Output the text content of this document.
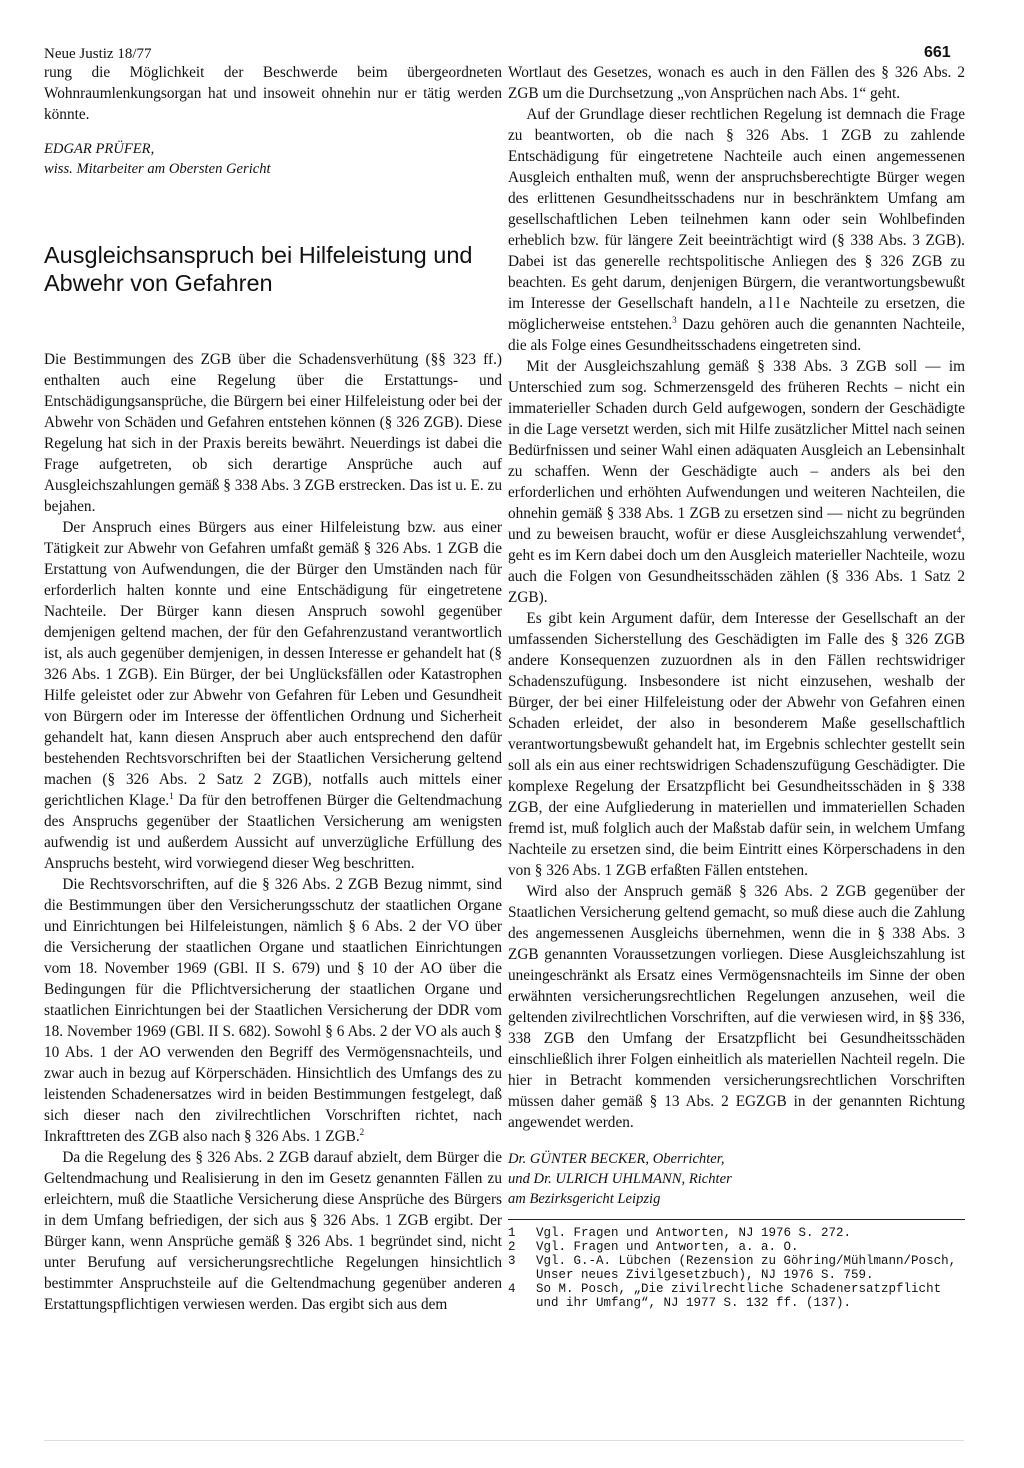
Neue Justiz 18/77	661

rung die Möglichkeit der Beschwerde beim übergeordneten Wohnraumlenkungsorgan hat und insoweit ohnehin nur er tätig werden könnte.

EDGAR PRÜFER,

wiss. Mitarbeiter am Obersten Gericht

Ausgleichsanspruch bei Hilfeleistung und Abwehr von Gefahren

Die Bestimmungen des ZGB über die Schadensverhütung (§§ 323 ff.) enthalten auch eine Regelung über die Erstattungs- und Entschädigungsansprüche, die Bürgern bei einer Hilfeleistung oder bei der Abwehr von Schäden und Gefahren entstehen können (§ 326 ZGB). Diese Regelung hat sich in der Praxis bereits bewährt. Neuerdings ist dabei die Frage aufgetreten, ob sich derartige Ansprüche auch auf Ausgleichszahlungen gemäß § 338 Abs. 3 ZGB erstrecken. Das ist u. E. zu bejahen.

Der Anspruch eines Bürgers aus einer Hilfeleistung bzw. aus einer Tätigkeit zur Abwehr von Gefahren umfaßt gemäß § 326 Abs. 1 ZGB die Erstattung von Aufwendungen, die der Bürger den Umständen nach für erforderlich halten konnte und eine Entschädigung für eingetretene Nachteile. Der Bürger kann diesen Anspruch sowohl gegenüber demjenigen geltend machen, der für den Gefahrenzustand verantwortlich ist, als auch gegenüber demjenigen, in dessen Interesse er gehandelt hat (§ 326 Abs. 1 ZGB). Ein Bürger, der bei Unglücksfällen oder Katastrophen Hilfe geleistet oder zur Abwehr von Gefahren für Leben und Gesundheit von Bürgern oder im Interesse der öffentlichen Ordnung und Sicherheit gehandelt hat, kann diesen Anspruch aber auch entsprechend den dafür bestehenden Rechtsvorschriften bei der Staatlichen Versicherung geltend machen (§ 326 Abs. 2 Satz 2 ZGB), notfalls auch mittels einer gerichtlichen Klage.$^1$ Da für den betroffenen Bürger die Geltendmachung des Anspruchs gegenüber der Staatlichen Versicherung am wenigsten aufwendig ist und außerdem Aussicht auf unverzügliche Erfüllung des Anspruchs besteht, wird vorwiegend dieser Weg beschritten.

Die Rechtsvorschriften, auf die § 326 Abs. 2 ZGB Bezug nimmt, sind die Bestimmungen über den Versicherungsschutz der staatlichen Organe und Einrichtungen bei Hilfeleistungen, nämlich § 6 Abs. 2 der VO über die Versicherung der staatlichen Organe und staatlichen Einrichtungen vom 18. November 1969 (GBl. II S. 679) und § 10 der AO über die Bedingungen für die Pflichtversicherung der staatlichen Organe und staatlichen Einrichtungen bei der Staatlichen Versicherung der DDR vom 18. November 1969 (GBl. II S. 682). Sowohl § 6 Abs. 2 der VO als auch § 10 Abs. 1 der AO verwenden den Begriff des Vermögensnachteils, und zwar auch in bezug auf Körperschäden. Hinsichtlich des Umfangs des zu leistenden Schadenersatzes wird in beiden Bestimmungen festgelegt, daß sich dieser nach den zivilrechtlichen Vorschriften richtet, nach Inkrafttreten des ZGB also nach § 326 Abs. 1 ZGB.$^2$

Da die Regelung des § 326 Abs. 2 ZGB darauf abzielt, dem Bürger die Geltendmachung und Realisierung in den im Gesetz genannten Fällen zu erleichtern, muß die Staatliche Versicherung diese Ansprüche des Bürgers in dem Umfang befriedigen, der sich aus § 326 Abs. 1 ZGB ergibt. Der Bürger kann, wenn Ansprüche gemäß § 326 Abs. 1 begründet sind, nicht unter Berufung auf versicherungsrechtliche Regelungen hinsichtlich bestimmter Anspruchsteile auf die Geltendmachung gegenüber anderen Erstattungspflichtigen verwiesen werden. Das ergibt sich aus dem

Wortlaut des Gesetzes, wonach es auch in den Fällen des § 326 Abs. 2 ZGB um die Durchsetzung „von Ansprüchen nach Abs. 1“ geht.

Auf der Grundlage dieser rechtlichen Regelung ist demnach die Frage zu beantworten, ob die nach § 326 Abs. 1 ZGB zu zahlende Entschädigung für eingetretene Nachteile auch einen angemessenen Ausgleich enthalten muß, wenn der anspruchsberechtigte Bürger wegen des erlittenen Gesundheitsschadens nur in beschränktem Umfang am gesellschaftlichen Leben teilnehmen kann oder sein Wohlbefinden erheblich bzw. für längere Zeit beeinträchtigt wird (§ 338 Abs. 3 ZGB). Dabei ist das generelle rechtspolitische Anliegen des § 326 ZGB zu beachten. Es geht darum, denjenigen Bürgern, die verantwortungsbewußt im Interesse der Gesellschaft handeln, alle Nachteile zu ersetzen, die möglicherweise entstehen.$^3$ Dazu gehören auch die genannten Nachteile, die als Folge eines Gesundheitsschadens eingetreten sind.

Mit der Ausgleichszahlung gemäß § 338 Abs. 3 ZGB soll — im Unterschied zum sog. Schmerzensgeld des früheren Rechts – nicht ein immaterieller Schaden durch Geld aufgewogen, sondern der Geschädigte in die Lage versetzt werden, sich mit Hilfe zusätzlicher Mittel nach seinen Bedürfnissen und seiner Wahl einen adäquaten Ausgleich an Lebensinhalt zu schaffen. Wenn der Geschädigte auch – anders als bei den erforderlichen und erhöhten Aufwendungen und weiteren Nachteilen, die ohnehin gemäß § 338 Abs. 1 ZGB zu ersetzen sind — nicht zu begründen und zu beweisen braucht, wofür er diese Ausgleichszahlung verwendet$^4$, geht es im Kern dabei doch um den Ausgleich materieller Nachteile, wozu auch die Folgen von Gesundheitsschäden zählen (§ 336 Abs. 1 Satz 2 ZGB).

Es gibt kein Argument dafür, dem Interesse der Gesellschaft an der umfassenden Sicherstellung des Geschädigten im Falle des § 326 ZGB andere Konsequenzen zuzuordnen als in den Fällen rechtswidriger Schadenszufügung. Insbesondere ist nicht einzusehen, weshalb der Bürger, der bei einer Hilfeleistung oder der Abwehr von Gefahren einen Schaden erleidet, der also in besonderem Maße gesellschaftlich verantwortungsbewußt gehandelt hat, im Ergebnis schlechter gestellt sein soll als ein aus einer rechtswidrigen Schadenszufügung Geschädigter. Die komplexe Regelung der Ersatzpflicht bei Gesundheitsschäden in § 338 ZGB, der eine Aufgliederung in materiellen und immateriellen Schaden fremd ist, muß folglich auch der Maßstab dafür sein, in welchem Umfang Nachteile zu ersetzen sind, die beim Eintritt eines Körperschadens in den von § 326 Abs. 1 ZGB erfaßten Fällen entstehen.

Wird also der Anspruch gemäß § 326 Abs. 2 ZGB gegenüber der Staatlichen Versicherung geltend gemacht, so muß diese auch die Zahlung des angemessenen Ausgleichs übernehmen, wenn die in § 338 Abs. 3 ZGB genannten Voraussetzungen vorliegen. Diese Ausgleichszahlung ist uneingeschränkt als Ersatz eines Vermögensnachteils im Sinne der oben erwähnten versicherungsrechtlichen Regelungen anzusehen, weil die geltenden zivilrechtlichen Vorschriften, auf die verwiesen wird, in §§ 336, 338 ZGB den Umfang der Ersatzpflicht bei Gesundheitsschäden einschließlich ihrer Folgen einheitlich als materiellen Nachteil regeln. Die hier in Betracht kommenden versicherungsrechtlichen Vorschriften müssen daher gemäß § 13 Abs. 2 EGZGB in der genannten Richtung angewendet werden.

Dr. GÜNTER BECKER, Oberrichter,

und Dr. ULRICH UHLMANN, Richter

am Bezirksgericht Leipzig

1	Vgl. Fragen und Antworten, NJ 1976 S. 272.
2	Vgl. Fragen und Antworten, a. a. O.
3	Vgl. G.-A. Lübchen (Rezension zu Göhring/Mühlmann/Posch, Unser neues Zivilgesetzbuch), NJ 1976 S. 759.
4	So M. Posch, „Die zivilrechtliche Schadenersatzpflicht und ihr Umfang“, NJ 1977 S. 132 ff. (137).
